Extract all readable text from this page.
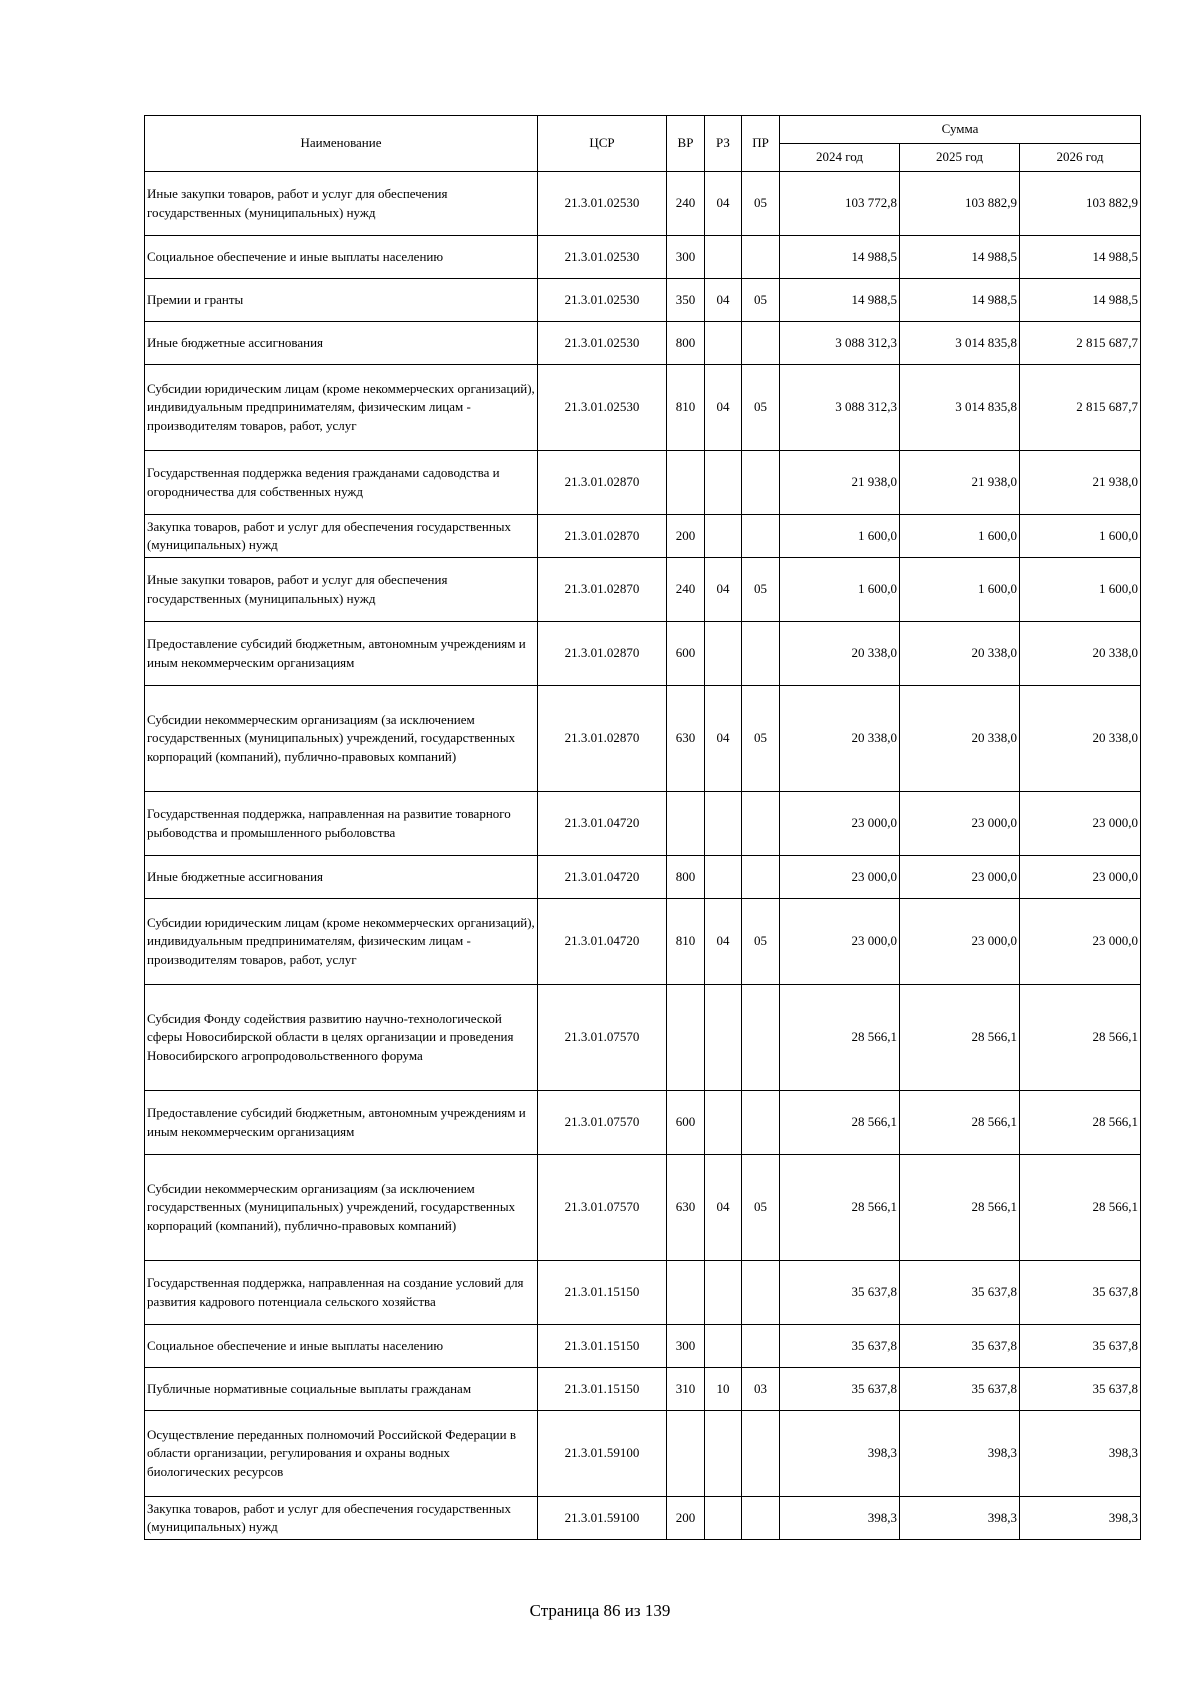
Наименование	ЦСР	ВР	РЗ	ПР	Сумма		
					2024 год	2025 год	2026 год
Иные закупки товаров, работ и услуг для обеспечения государственных (муниципальных) нужд	21.3.01.02530	240	04	05	103 772,8	103 882,9	103 882,9
Социальное обеспечение и иные выплаты населению	21.3.01.02530	300			14 988,5	14 988,5	14 988,5
Премии и гранты	21.3.01.02530	350	04	05	14 988,5	14 988,5	14 988,5
Иные бюджетные ассигнования	21.3.01.02530	800			3 088 312,3	3 014 835,8	2 815 687,7
Субсидии юридическим лицам (кроме некоммерческих организаций), индивидуальным предпринимателям, физическим лицам - производителям товаров, работ, услуг	21.3.01.02530	810	04	05	3 088 312,3	3 014 835,8	2 815 687,7
Государственная поддержка ведения гражданами садоводства и огородничества для собственных нужд	21.3.01.02870				21 938,0	21 938,0	21 938,0
Закупка товаров, работ и услуг для обеспечения государственных (муниципальных) нужд	21.3.01.02870	200			1 600,0	1 600,0	1 600,0
Иные закупки товаров, работ и услуг для обеспечения государственных (муниципальных) нужд	21.3.01.02870	240	04	05	1 600,0	1 600,0	1 600,0
Предоставление субсидий бюджетным, автономным учреждениям и иным некоммерческим организациям	21.3.01.02870	600			20 338,0	20 338,0	20 338,0
Субсидии некоммерческим организациям (за исключением государственных (муниципальных) учреждений, государственных корпораций (компаний), публично-правовых компаний)	21.3.01.02870	630	04	05	20 338,0	20 338,0	20 338,0
Государственная поддержка, направленная на развитие товарного рыбоводства и промышленного рыболовства	21.3.01.04720				23 000,0	23 000,0	23 000,0
Иные бюджетные ассигнования	21.3.01.04720	800			23 000,0	23 000,0	23 000,0
Субсидии юридическим лицам (кроме некоммерческих организаций), индивидуальным предпринимателям, физическим лицам - производителям товаров, работ, услуг	21.3.01.04720	810	04	05	23 000,0	23 000,0	23 000,0
Субсидия Фонду содействия развитию научно-технологической сферы Новосибирской области в целях организации и проведения Новосибирского агропродовольственного форума	21.3.01.07570				28 566,1	28 566,1	28 566,1
Предоставление субсидий бюджетным, автономным учреждениям и иным некоммерческим организациям	21.3.01.07570	600			28 566,1	28 566,1	28 566,1
Субсидии некоммерческим организациям (за исключением государственных (муниципальных) учреждений, государственных корпораций (компаний), публично-правовых компаний)	21.3.01.07570	630	04	05	28 566,1	28 566,1	28 566,1
Государственная поддержка, направленная на создание условий для развития кадрового потенциала сельского хозяйства	21.3.01.15150				35 637,8	35 637,8	35 637,8
Социальное обеспечение и иные выплаты населению	21.3.01.15150	300			35 637,8	35 637,8	35 637,8
Публичные нормативные социальные выплаты гражданам	21.3.01.15150	310	10	03	35 637,8	35 637,8	35 637,8
Осуществление переданных полномочий Российской Федерации в области организации, регулирования и охраны водных биологических ресурсов	21.3.01.59100				398,3	398,3	398,3
Закупка товаров, работ и услуг для обеспечения государственных (муниципальных) нужд	21.3.01.59100	200			398,3	398,3	398,3
Страница 86 из 139
